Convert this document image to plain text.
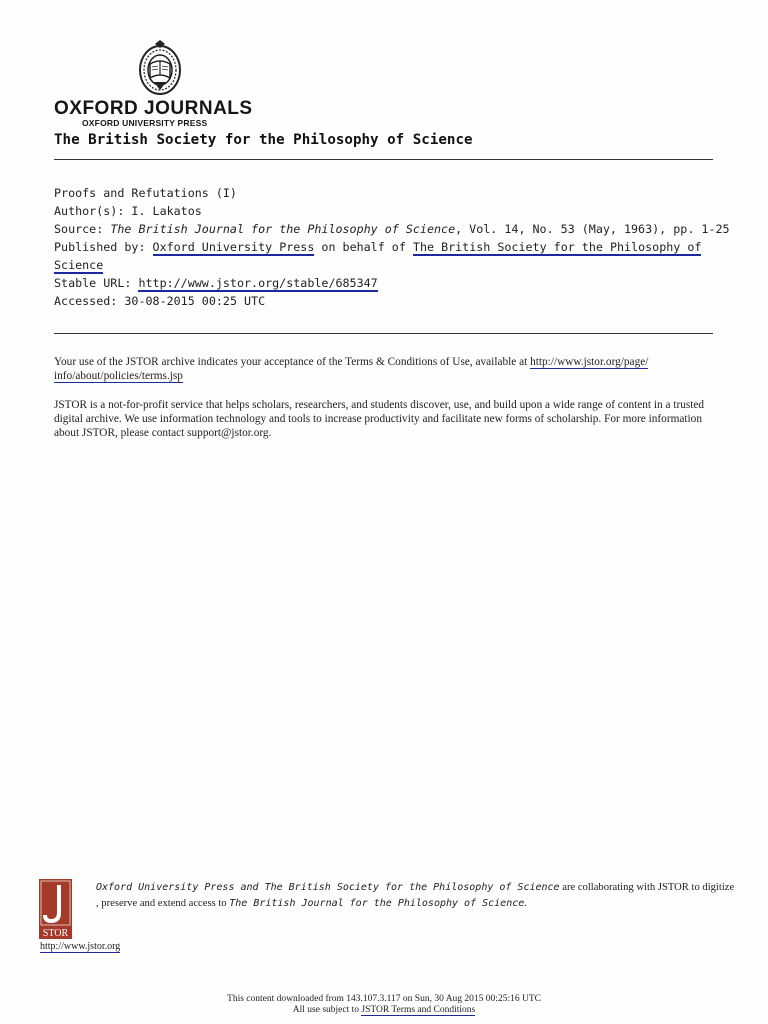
OXFORD JOURNALS
OXFORD UNIVERSITY PRESS
The British Society for the Philosophy of Science
Proofs and Refutations (I)
Author(s): I. Lakatos
Source: The British Journal for the Philosophy of Science, Vol. 14, No. 53 (May, 1963), pp. 1-25
Published by: Oxford University Press on behalf of The British Society for the Philosophy of
Science
Stable URL: http://www.jstor.org/stable/685347
Accessed: 30-08-2015 00:25 UTC
Your use of the JSTOR archive indicates your acceptance of the Terms & Conditions of Use, available at http://www.jstor.org/page/
info/about/policies/terms.jsp
JSTOR is a not-for-profit service that helps scholars, researchers, and students discover, use, and build upon a wide range of content in a trusted digital archive. We use information technology and tools to increase productivity and facilitate new forms of scholarship. For more information about JSTOR, please contact support@jstor.org.
STOR
Oxford University Press and The British Society for the Philosophy of Science are collaborating with JSTOR to digitize
, preserve and extend access to The British Journal for the Philosophy of Science.
http://www.jstor.org
This content downloaded from 143.107.3.117 on Sun, 30 Aug 2015 00:25:16 UTC
All use subject to JSTOR Terms and Conditions
